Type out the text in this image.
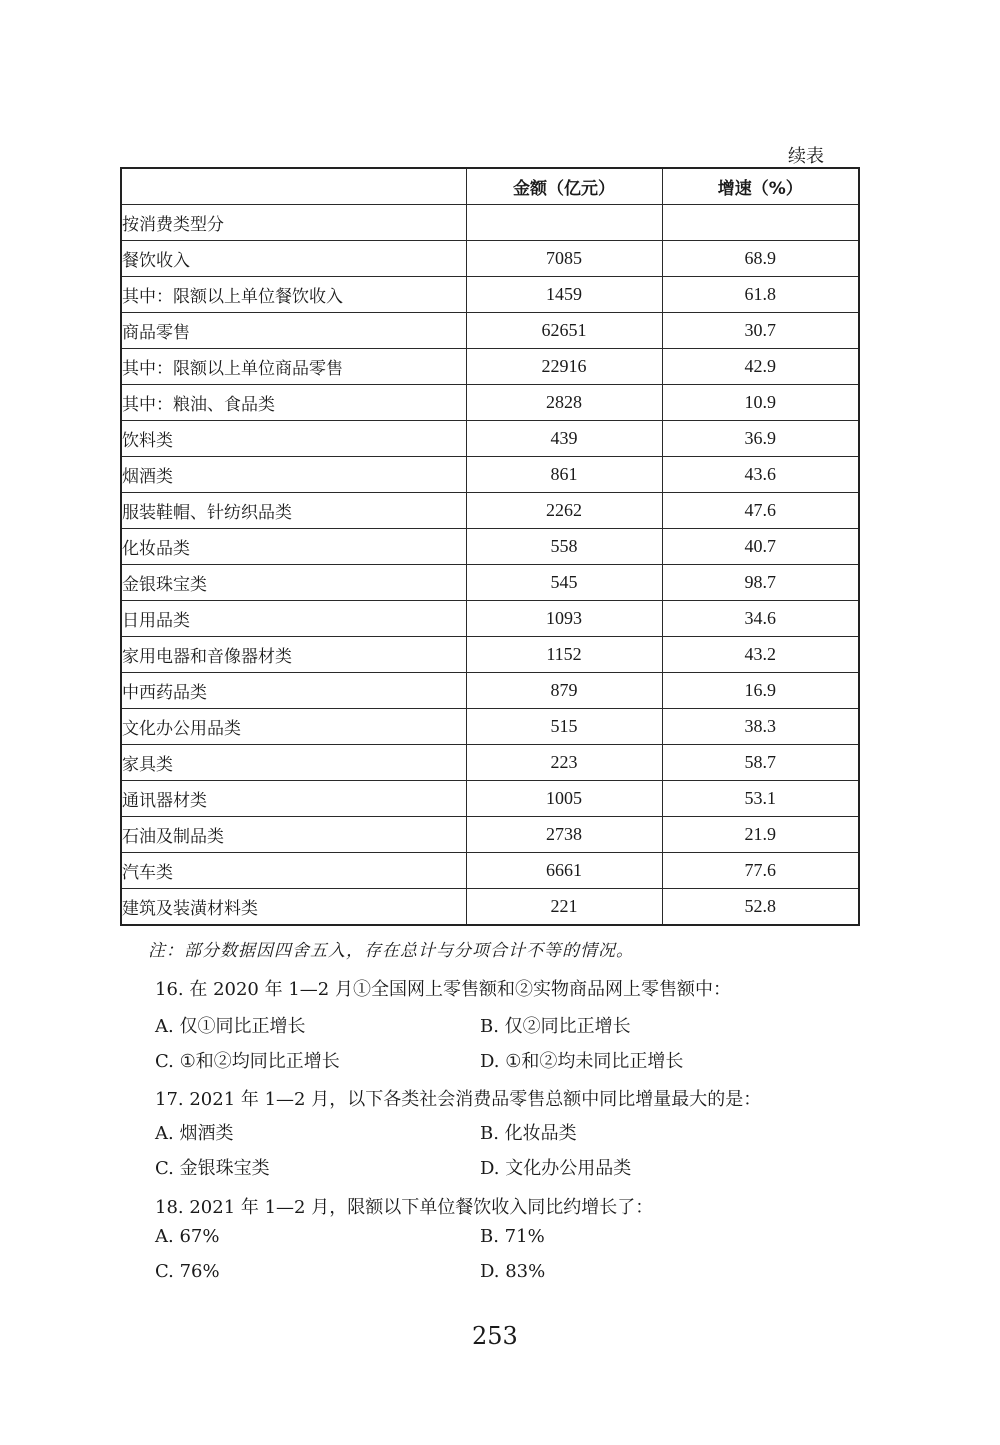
续表
	金额（亿元）	增速（%）
按消费类型分		
餐饮收入	7085	68.9
其中：限额以上单位餐饮收入	1459	61.8
商品零售	62651	30.7
其中：限额以上单位商品零售	22916	42.9
其中：粮油、食品类	2828	10.9
饮料类	439	36.9
烟酒类	861	43.6
服装鞋帽、针纺织品类	2262	47.6
化妆品类	558	40.7
金银珠宝类	545	98.7
日用品类	1093	34.6
家用电器和音像器材类	1152	43.2
中西药品类	879	16.9
文化办公用品类	515	38.3
家具类	223	58.7
通讯器材类	1005	53.1
石油及制品类	2738	21.9
汽车类	6661	77.6
建筑及装潢材料类	221	52.8
注：部分数据因四舍五入，存在总计与分项合计不等的情况。
16. 在 2020 年 1—2 月①全国网上零售额和②实物商品网上零售额中：
A. 仅①同比正增长	B. 仅②同比正增长
C. ①和②均同比正增长	D. ①和②均未同比正增长
17. 2021 年 1—2 月，以下各类社会消费品零售总额中同比增量最大的是：
A. 烟酒类	B. 化妆品类
C. 金银珠宝类	D. 文化办公用品类
18. 2021 年 1—2 月，限额以下单位餐饮收入同比约增长了：
A. 67%	B. 71%
C. 76%	D. 83%
253
